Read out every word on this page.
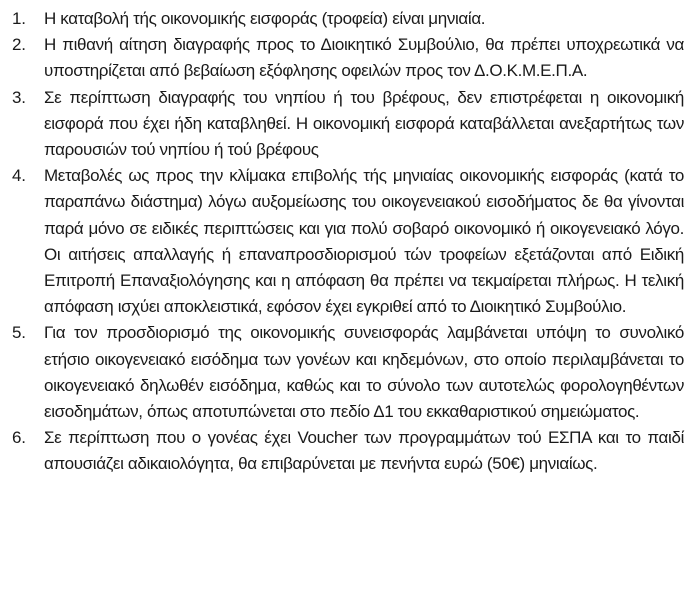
1.	Η καταβολή τής οικονομικής εισφοράς (τροφεία) είναι μηνιαία.
2.	Η πιθανή αίτηση διαγραφής προς το Διοικητικό Συμβούλιο, θα πρέπει υποχρεωτικά να υποστηρίζεται από βεβαίωση εξόφλησης οφειλών προς τον Δ.Ο.Κ.Μ.Ε.Π.Α.
3.	Σε περίπτωση διαγραφής του νηπίου ή του βρέφους, δεν επιστρέφεται η οικονομική εισφορά που έχει ήδη καταβληθεί. Η οικονομική εισφορά καταβάλλεται ανεξαρτήτως των παρουσιών τού νηπίου ή τού βρέφους
4.	Μεταβολές ως προς την κλίμακα επιβολής τής μηνιαίας οικονομικής εισφοράς (κατά το παραπάνω διάστημα) λόγω αυξομείωσης του οικογενειακού εισοδήματος δε θα γίνονται παρά μόνο σε ειδικές περιπτώσεις και για πολύ σοβαρό οικονομικό ή οικογενειακό λόγο. Οι αιτήσεις απαλλαγής ή επαναπροσδιορισμού τών τροφείων εξετάζονται από Ειδική Επιτροπή Επαναξιολόγησης και η απόφαση θα πρέπει να τεκμαίρεται πλήρως. Η τελική απόφαση ισχύει αποκλειστικά, εφόσον έχει εγκριθεί από το Διοικητικό Συμβούλιο.
5.	Για τον προσδιορισμό της οικονομικής συνεισφοράς λαμβάνεται υπόψη το συνολικό ετήσιο οικογενειακό εισόδημα των γονέων και κηδεμόνων, στο οποίο περιλαμβάνεται το οικογενειακό δηλωθέν εισόδημα, καθώς και το σύνολο των αυτοτελώς φορολογηθέντων εισοδημάτων, όπως αποτυπώνεται στο πεδίο Δ1 του εκκαθαριστικού σημειώματος.
6.	Σε περίπτωση που ο γονέας έχει Voucher των προγραμμάτων τού ΕΣΠΑ και το παιδί απουσιάζει αδικαιολόγητα, θα επιβαρύνεται με πενήντα ευρώ (50€) μηνιαίως.
